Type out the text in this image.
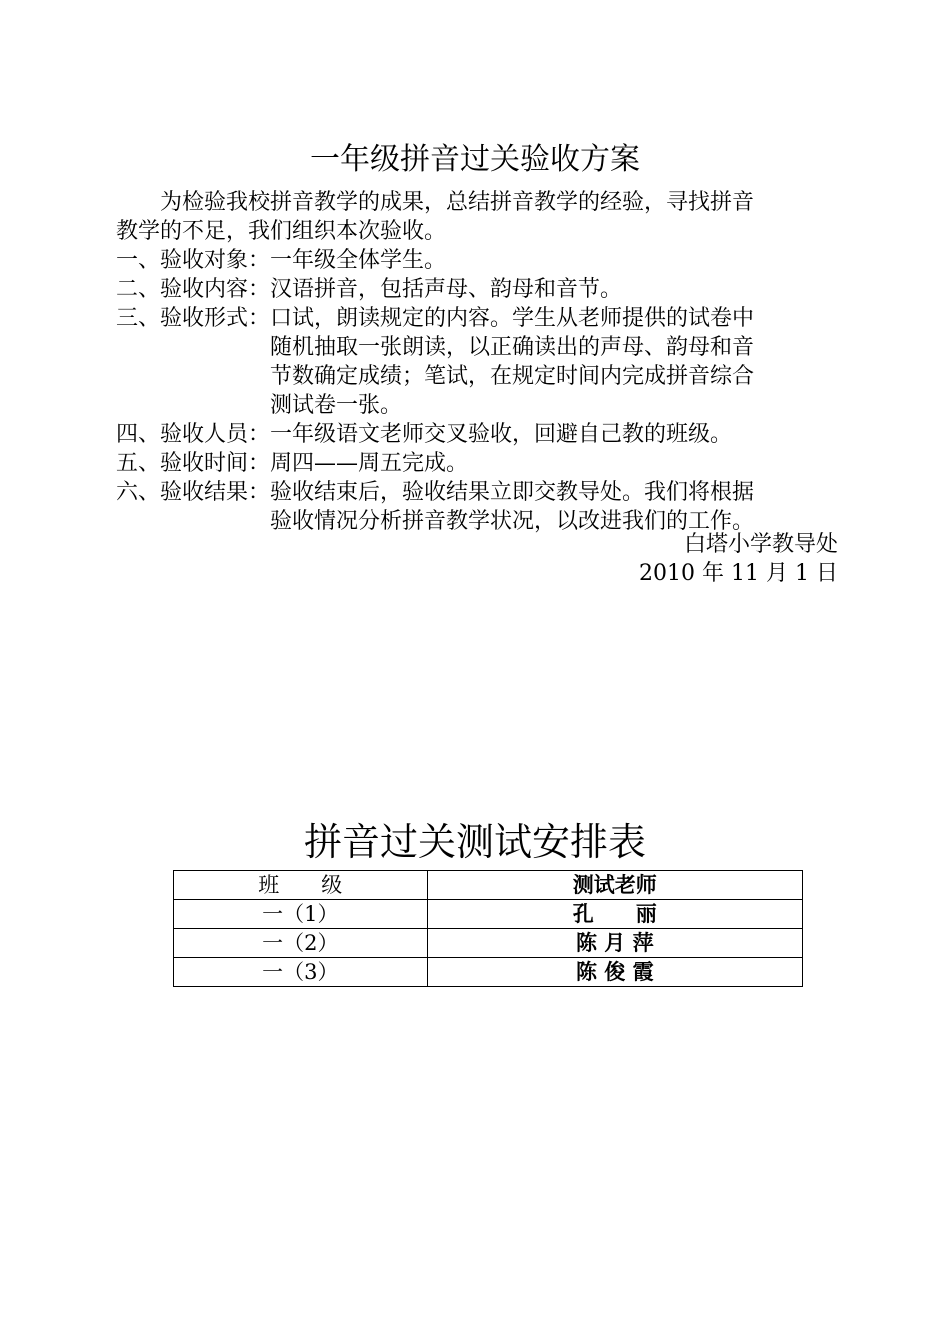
一年级拼音过关验收方案
为检验我校拼音教学的成果，总结拼音教学的经验，寻找拼音
教学的不足，我们组织本次验收。
一、验收对象： 一年级全体学生。
二、验收内容： 汉语拼音，包括声母、韵母和音节。
三、验收形式： 口试，朗读规定的内容。学生从老师提供的试卷中
随机抽取一张朗读，以正确读出的声母、韵母和音
节数确定成绩；笔试，在规定时间内完成拼音综合
测试卷一张。
四、验收人员： 一年级语文老师交叉验收，回避自己教的班级。
五、验收时间： 周四——周五完成。
六、验收结果： 验收结束后，验收结果立即交教导处。我们将根据
验收情况分析拼音教学状况，以改进我们的工作。
白塔小学教导处
2010 年 11 月 1 日
拼音过关测试安排表
班　　级	测试老师
一（1）	孔　　丽
一（2）	陈 月 萍
一（3）	陈 俊 霞
